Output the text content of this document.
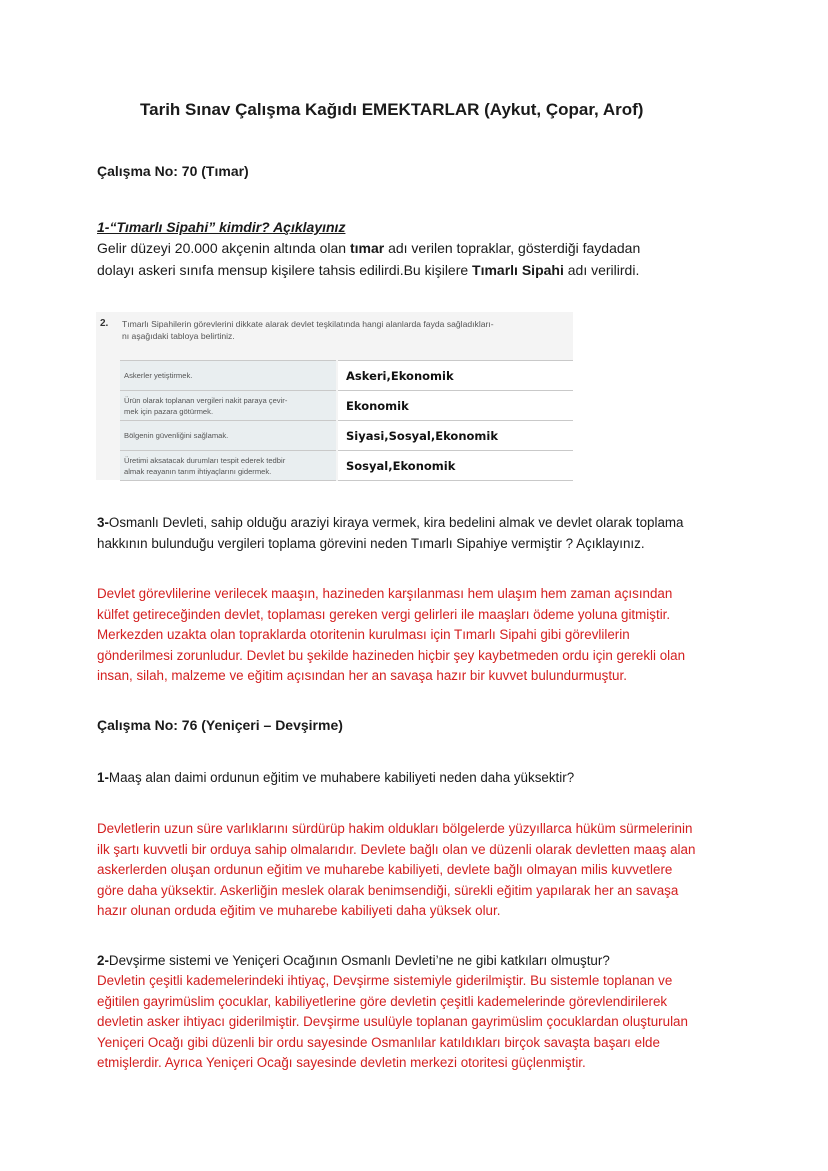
Tarih Sınav Çalışma Kağıdı EMEKTARLAR (Aykut, Çopar, Arof)
Çalışma No: 70 (Tımar)
1-“Tımarlı Sipahi” kimdir? Açıklayınız
Gelir düzeyi 20.000 akçenin altında olan tımar adı verilen topraklar, gösterdiği faydadan
dolayı askeri sınıfa mensup kişilere tahsis edilirdi.Bu kişilere Tımarlı Sipahi adı verilirdi.
2. Tımarlı Sipahilerin görevlerini dikkate alarak devlet teşkilatında hangi alanlarda fayda sağladıkları-
nı aşağıdaki tabloya belirtiniz.
Askerler yetiştirmek.	Askeri,Ekonomik

Ürün olarak toplanan vergileri nakit paraya çevir-
mek için pazara götürmek.	Ekonomik

Bölgenin güvenliğini sağlamak.	Siyasi,Sosyal,Ekonomik

Üretimi aksatacak durumları tespit ederek tedbir
almak reayanın tarım ihtiyaçlarını gidermek.	Sosyal,Ekonomik
3-Osmanlı Devleti, sahip olduğu araziyi kiraya vermek, kira bedelini almak ve devlet olarak toplama
hakkının bulunduğu vergileri toplama görevini neden Tımarlı Sipahiye vermiştir ? Açıklayınız.
Devlet görevlilerine verilecek maaşın, hazineden karşılanması hem ulaşım hem zaman açısından
külfet getireceğinden devlet, toplaması gereken vergi gelirleri ile maaşları ödeme yoluna gitmiştir.
Merkezden uzakta olan topraklarda otoritenin kurulması için Tımarlı Sipahi gibi görevlilerin
gönderilmesi zorunludur. Devlet bu şekilde hazineden hiçbir şey kaybetmeden ordu için gerekli olan
insan, silah, malzeme ve eğitim açısından her an savaşa hazır bir kuvvet bulundurmuştur.
Çalışma No: 76 (Yeniçeri – Devşirme)
1-Maaş alan daimi ordunun eğitim ve muhabere kabiliyeti neden daha yüksektir?
Devletlerin uzun süre varlıklarını sürdürüp hakim oldukları bölgelerde yüzyıllarca hüküm sürmelerinin
ilk şartı kuvvetli bir orduya sahip olmalarıdır. Devlete bağlı olan ve düzenli olarak devletten maaş alan
askerlerden oluşan ordunun eğitim ve muharebe kabiliyeti, devlete bağlı olmayan milis kuvvetlere
göre daha yüksektir. Askerliğin meslek olarak benimsendiği, sürekli eğitim yapılarak her an savaşa
hazır olunan orduda eğitim ve muharebe kabiliyeti daha yüksek olur.
2-Devşirme sistemi ve Yeniçeri Ocağının Osmanlı Devleti’ne ne gibi katkıları olmuştur?
Devletin çeşitli kademelerindeki ihtiyaç, Devşirme sistemiyle giderilmiştir. Bu sistemle toplanan ve
eğitilen gayrimüslim çocuklar, kabiliyetlerine göre devletin çeşitli kademelerinde görevlendirilerek
devletin asker ihtiyacı giderilmiştir. Devşirme usulüyle toplanan gayrimüslim çocuklardan oluşturulan
Yeniçeri Ocağı gibi düzenli bir ordu sayesinde Osmanlılar katıldıkları birçok savaşta başarı elde
etmişlerdir. Ayrıca Yeniçeri Ocağı sayesinde devletin merkezi otoritesi güçlenmiştir.
